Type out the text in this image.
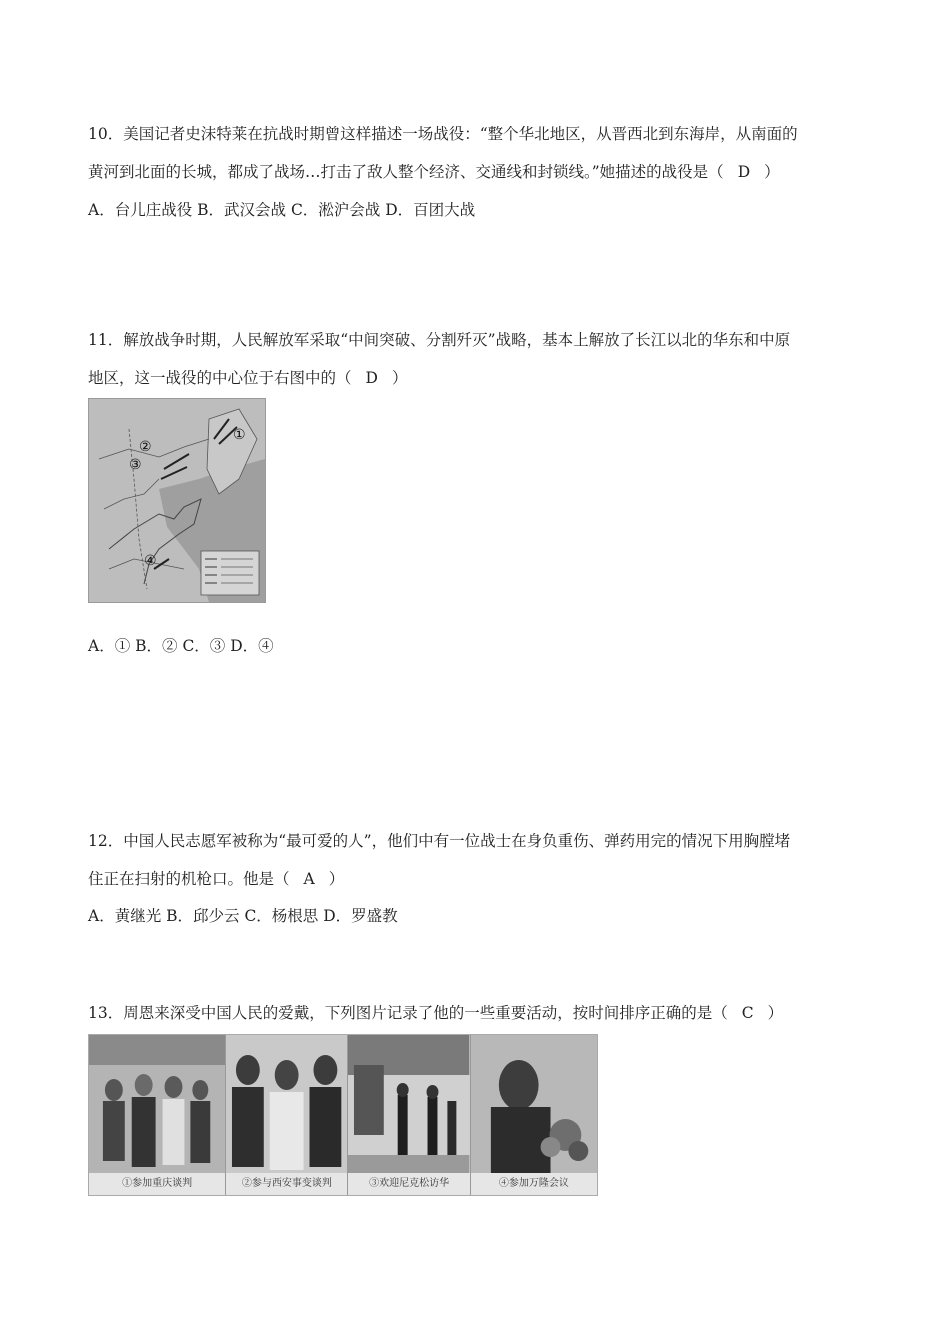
10．美国记者史沫特莱在抗战时期曾这样描述一场战役：“整个华北地区，从晋西北到东海岸，从南面的
黄河到北面的长城，都成了战场…打击了敌人整个经济、交通线和封锁线。”她描述的战役是（ D ）
A．台儿庄战役 B．武汉会战 C．淞沪会战 D．百团大战
11．解放战争时期，人民解放军采取“中间突破、分割歼灭”战略，基本上解放了长江以北的华东和中原
地区，这一战役的中心位于右图中的（ D ）
①
②
③
④
A．① B．② C．③ D．④
12．中国人民志愿军被称为“最可爱的人”，他们中有一位战士在身负重伤、弹药用完的情况下用胸膛堵
住正在扫射的机枪口。他是（ A ）
A．黄继光 B．邱少云 C．杨根思 D．罗盛教
13．周恩来深受中国人民的爱戴，下列图片记录了他的一些重要活动，按时间排序正确的是（ C ）
①参加重庆谈判	②参与西安事变谈判	③欢迎尼克松访华	④参加万隆会议
